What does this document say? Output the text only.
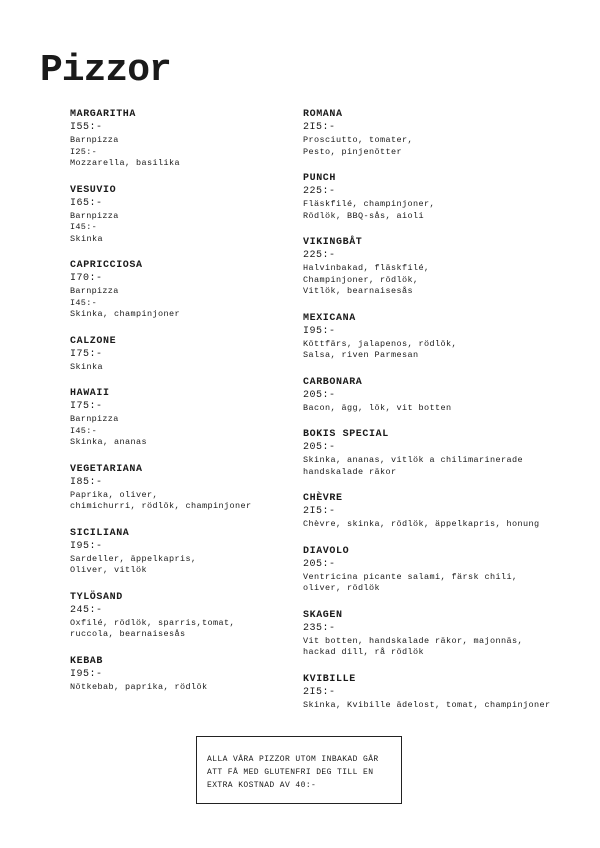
Pizzor
MARGARITHA
I55:-
Barnpizza
I25:-
Mozzarella, basilika
VESUVIO
I65:-
Barnpizza
I45:-
Skinka
CAPRICCIOSA
I70:-
Barnpizza
I45:-
Skinka, champinjoner
CALZONE
I75:-
Skinka
HAWAII
I75:-
Barnpizza
I45:-
Skinka, ananas
VEGETARIANA
I85:-
Paprika, oliver,
chimichurri, rödlök, champinjoner
SICILIANA
I95:-
Sardeller, äppelkapris,
Oliver, vitlök
TYLÖSAND
245:-
Oxfilé, rödlök, sparris,tomat,
ruccola, bearnaisesås
KEBAB
I95:-
Nötkebab, paprika, rödlök
ROMANA
2I5:-
Prosciutto, tomater,
Pesto, pinjenötter
PUNCH
225:-
Fläskfilé, champinjoner,
Rödlök, BBQ-sås, aioli
VIKINGBÅT
225:-
Halvinbakad, fläskfilé,
Champinjoner, rödlök,
Vitlök, bearnaisesås
MEXICANA
I95:-
Köttfärs, jalapenos, rödlök,
Salsa, riven Parmesan
CARBONARA
205:-
Bacon, ägg, lök, vit botten
BOKIS SPECIAL
205:-
Skinka, ananas, vitlök a chilimarinerade
handskalade räkor
CHÈVRE
2I5:-
Chèvre, skinka, rödlök, äppelkapris, honung
DIAVOLO
205:-
Ventricina picante salami, färsk chili,
oliver, rödlök
SKAGEN
235:-
Vit botten, handskalade räkor, majonnäs,
hackad dill, rå rödlök
KVIBILLE
2I5:-
Skinka, Kvibille ädelost, tomat, champinjoner
ALLA VÅRA PIZZOR UTOM INBAKAD GÅR
ATT FÅ MED GLUTENFRI DEG TILL EN
EXTRA KOSTNAD AV 40:-
